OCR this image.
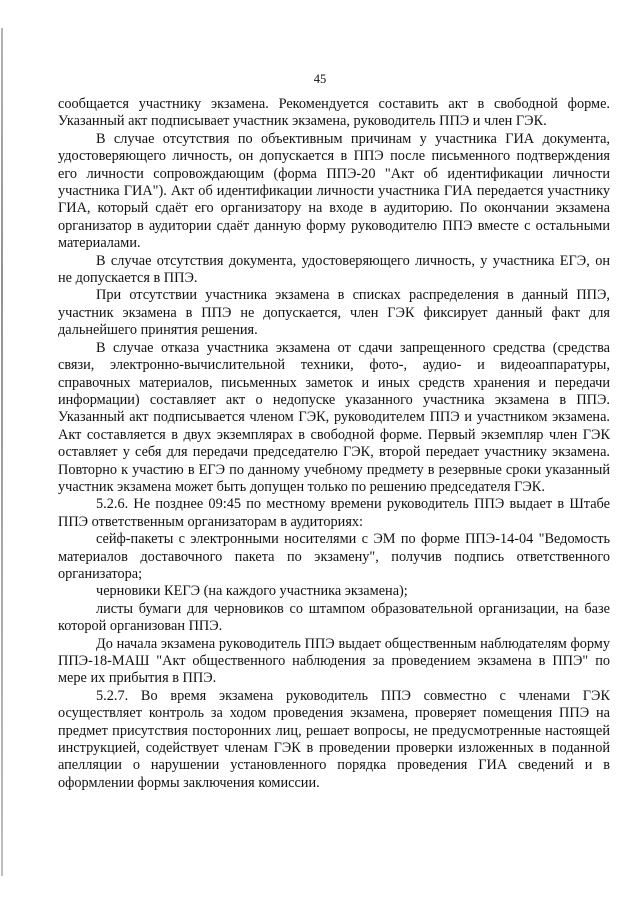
45

сообщается участнику экзамена. Рекомендуется составить акт в свободной форме. Указанный акт подписывает участник экзамена, руководитель ППЭ и член ГЭК.

В случае отсутствия по объективным причинам у участника ГИА документа, удостоверяющего личность, он допускается в ППЭ после письменного подтверждения его личности сопровождающим (форма ППЭ-20 "Акт об идентификации личности участника ГИА"). Акт об идентификации личности участника ГИА передается участнику ГИА, который сдаёт его организатору на входе в аудиторию. По окончании экзамена организатор в аудитории сдаёт данную форму руководителю ППЭ вместе с остальными материалами.

В случае отсутствия документа, удостоверяющего личность, у участника ЕГЭ, он не допускается в ППЭ.

При отсутствии участника экзамена в списках распределения в данный ППЭ, участник экзамена в ППЭ не допускается, член ГЭК фиксирует данный факт для дальнейшего принятия решения.

В случае отказа участника экзамена от сдачи запрещенного средства (средства связи, электронно-вычислительной техники, фото-, аудио- и видеоаппаратуры, справочных материалов, письменных заметок и иных средств хранения и передачи информации) составляет акт о недопуске указанного участника экзамена в ППЭ. Указанный акт подписывается членом ГЭК, руководителем ППЭ и участником экзамена. Акт составляется в двух экземплярах в свободной форме. Первый экземпляр член ГЭК оставляет у себя для передачи председателю ГЭК, второй передает участнику экзамена. Повторно к участию в ЕГЭ по данному учебному предмету в резервные сроки указанный участник экзамена может быть допущен только по решению председателя ГЭК.

5.2.6. Не позднее 09:45 по местному времени руководитель ППЭ выдает в Штабе ППЭ ответственным организаторам в аудиториях:

сейф-пакеты с электронными носителями с ЭМ по форме ППЭ-14-04 "Ведомость материалов доставочного пакета по экзамену", получив подпись ответственного организатора;

черновики КЕГЭ (на каждого участника экзамена);

листы бумаги для черновиков со штампом образовательной организации, на базе которой организован ППЭ.

До начала экзамена руководитель ППЭ выдает общественным наблюдателям форму ППЭ-18-МАШ "Акт общественного наблюдения за проведением экзамена в ППЭ" по мере их прибытия в ППЭ.

5.2.7. Во время экзамена руководитель ППЭ совместно с членами ГЭК осуществляет контроль за ходом проведения экзамена, проверяет помещения ППЭ на предмет присутствия посторонних лиц, решает вопросы, не предусмотренные настоящей инструкцией, содействует членам ГЭК в проведении проверки изложенных в поданной апелляции о нарушении установленного порядка проведения ГИА сведений и в оформлении формы заключения комиссии.
